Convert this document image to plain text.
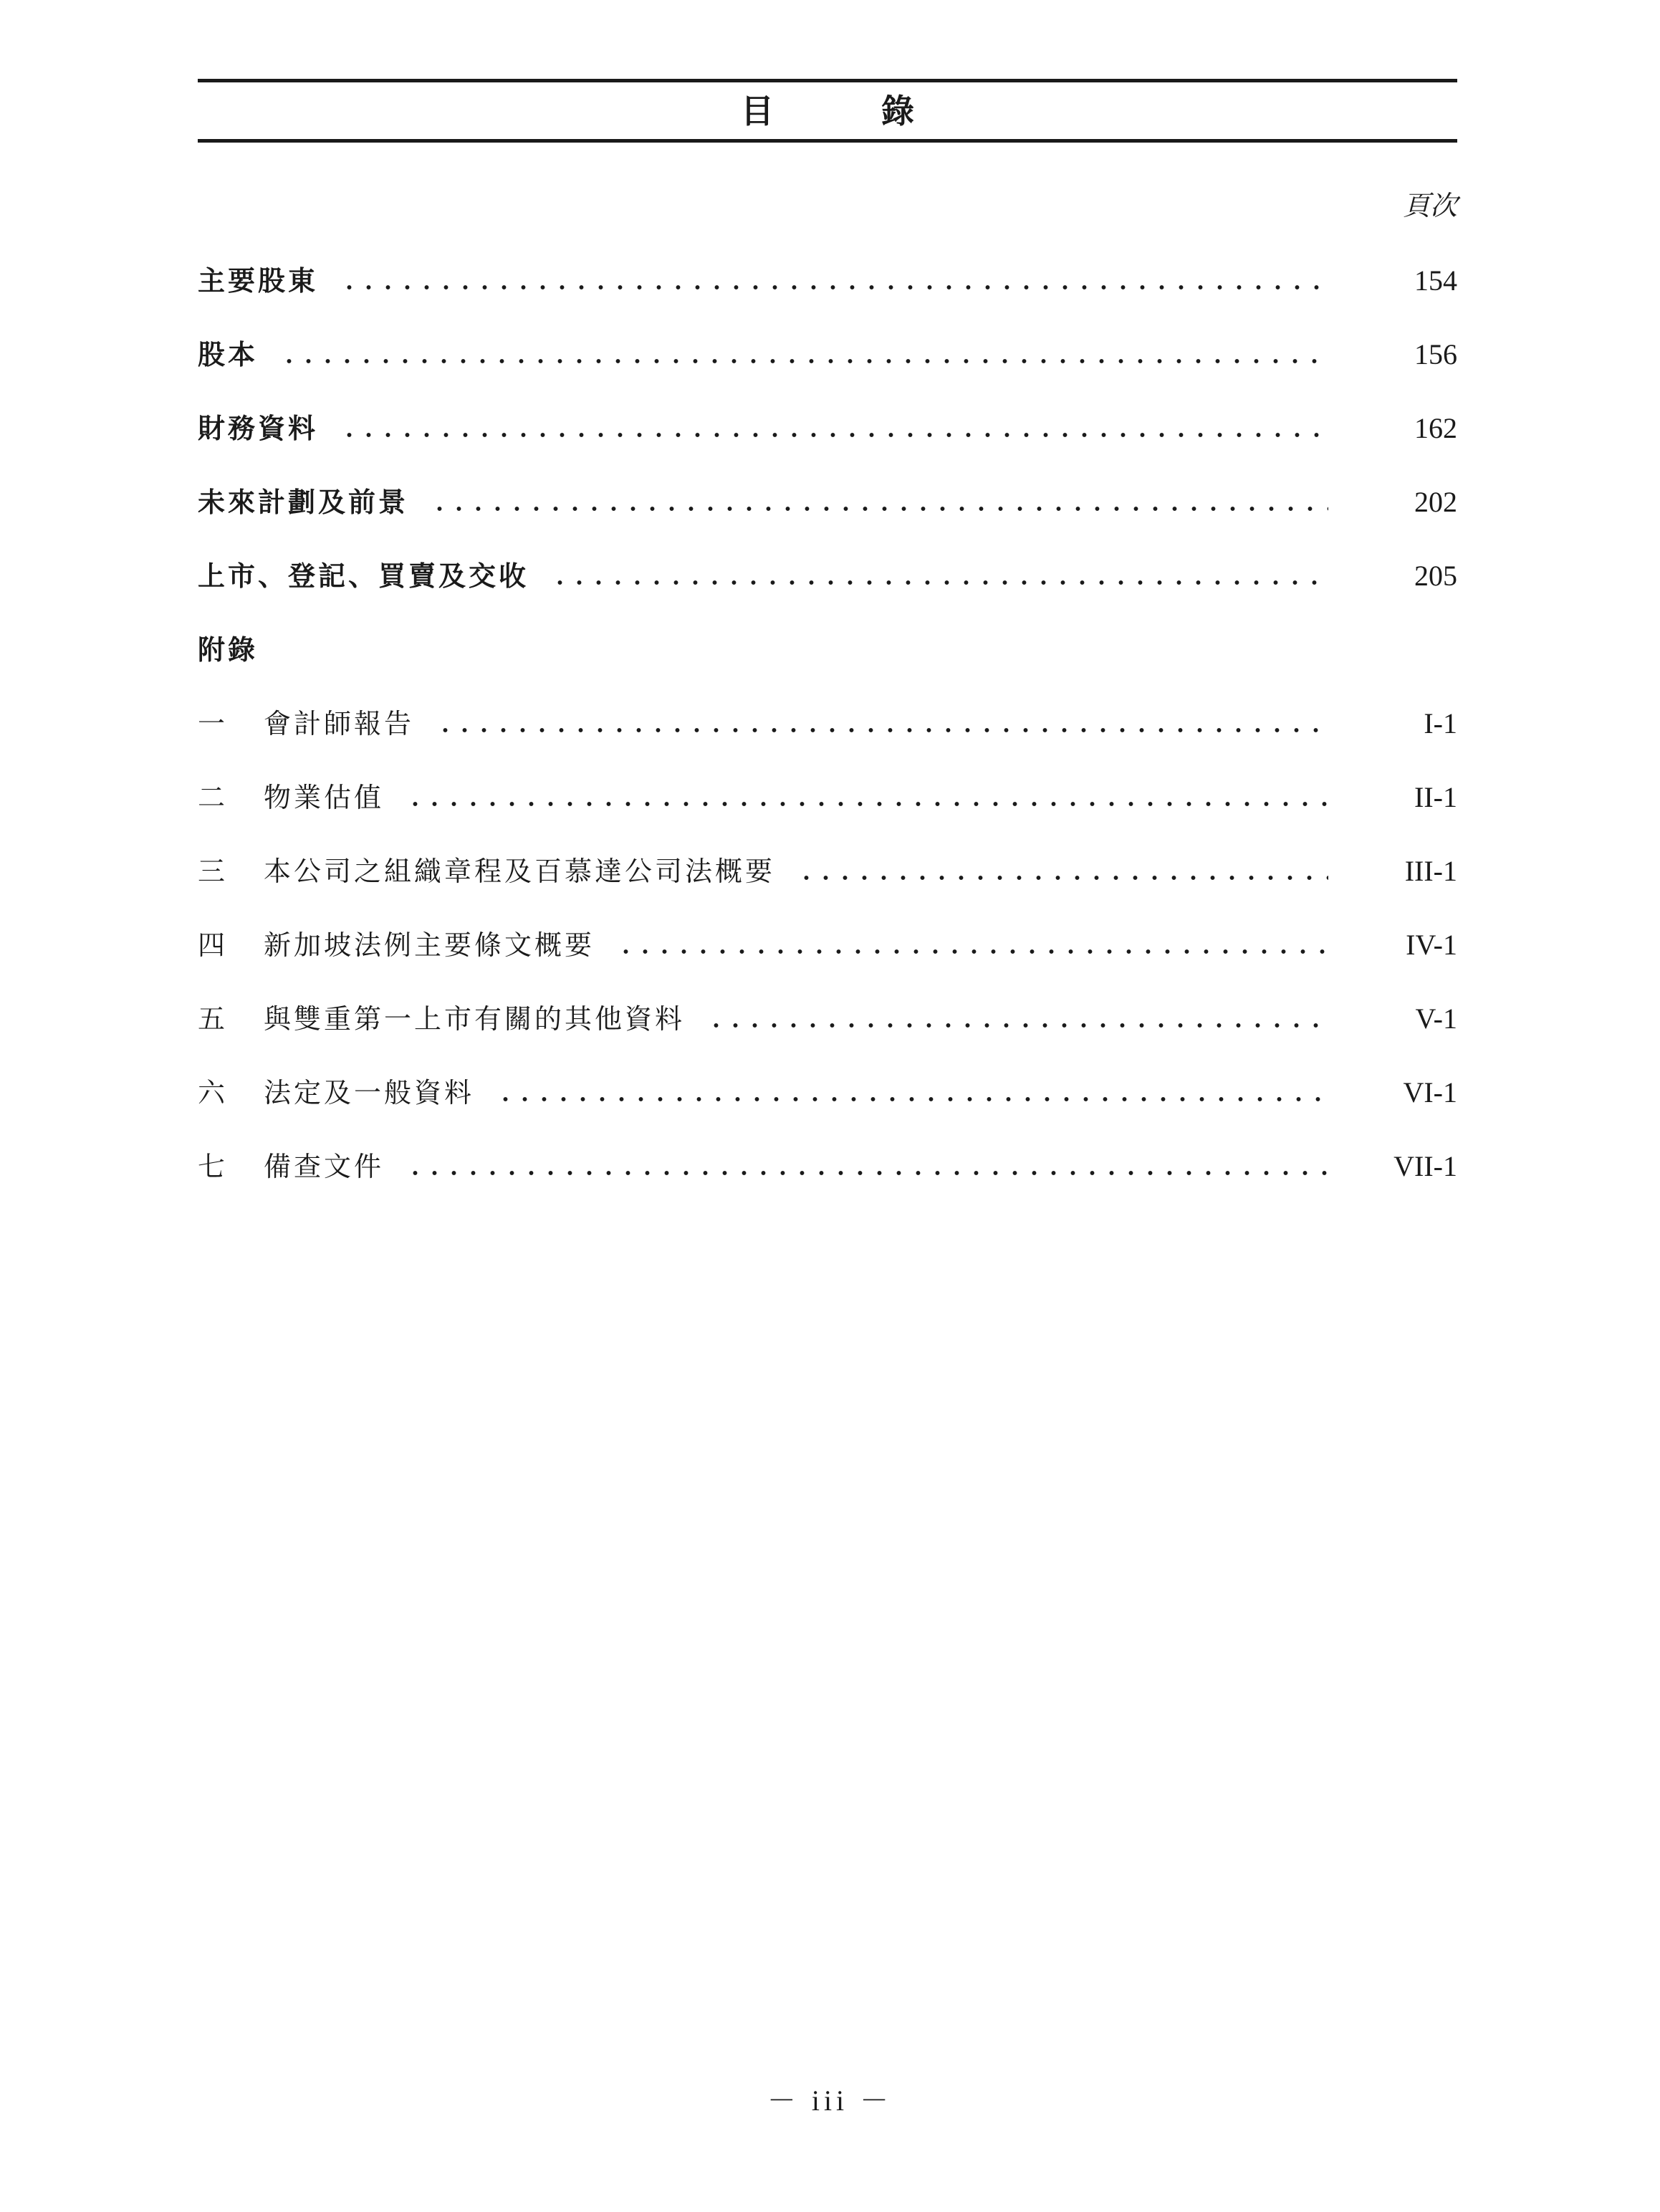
目　錄
頁次
主要股東	154
股本	156
財務資料	162
未來計劃及前景	202
上市、登記、買賣及交收	205
附錄
一 會計師報告	I-1
二 物業估值	II-1
三 本公司之組織章程及百慕達公司法概要	III-1
四 新加坡法例主要條文概要	IV-1
五 與雙重第一上市有關的其他資料	V-1
六 法定及一般資料	VI-1
七 備查文件	VII-1
－ iii －
